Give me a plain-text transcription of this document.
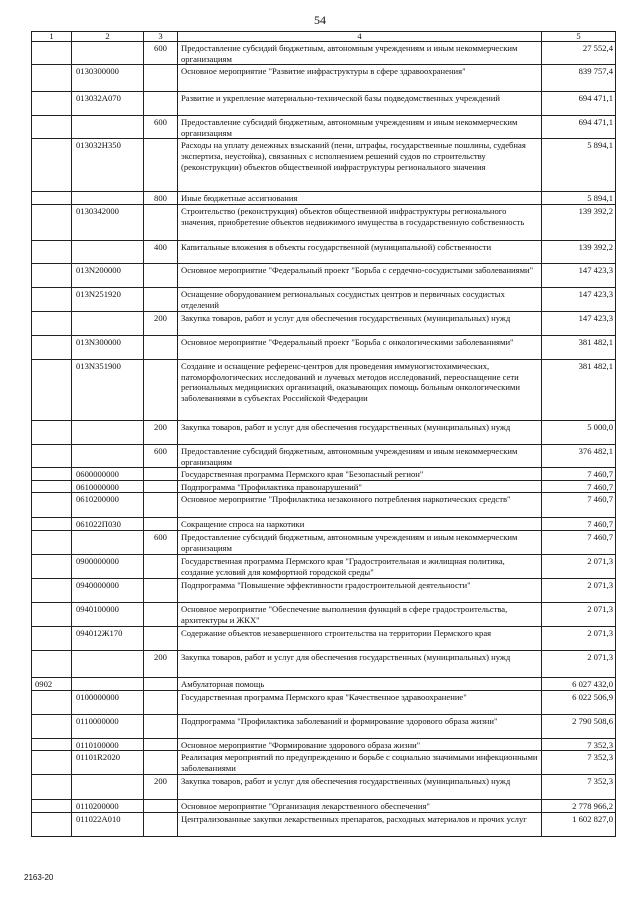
54
1	2	3	4	5
		600	Предоставление субсидий бюджетным, автономным учреждениям и иным некоммерческим организациям	27 552,4
	0130300000		Основное мероприятие "Развитие инфраструктуры в сфере здравоохранения"	839 757,4
	013032А070		Развитие и укрепление материально-технической базы подведомственных учреждений	694 471,1
		600	Предоставление субсидий бюджетным, автономным учреждениям и иным некоммерческим организациям	694 471,1
	013032Н350		Расходы на уплату денежных взысканий (пени, штрафы, государственные пошлины, судебная экспертиза, неустойка), связанных с исполнением решений судов по строительству (реконструкции) объектов общественной инфраструктуры регионального значения	5 894,1
		800	Иные бюджетные ассигнования	5 894,1
	0130342000		Строительство (реконструкция) объектов общественной инфраструктуры регионального значения, приобретение объектов недвижимого имущества в государственную собственность	139 392,2
		400	Капитальные вложения в объекты государственной (муниципальной) собственности	139 392,2
	013N200000		Основное мероприятие "Федеральный проект "Борьба с сердечно-сосудистыми заболеваниями"	147 423,3
	013N251920		Оснащение оборудованием региональных сосудистых центров и первичных сосудистых отделений	147 423,3
		200	Закупка товаров, работ и услуг для обеспечения государственных (муниципальных) нужд	147 423,3
	013N300000		Основное мероприятие "Федеральный проект "Борьба с онкологическими заболеваниями"	381 482,1
	013N351900		Создание и оснащение референс-центров для проведения иммуногистохимических, патоморфологических исследований и лучевых методов исследований, переоснащение сети региональных медицинских организаций, оказывающих помощь больным онкологическими заболеваниями в субъектах Российской Федерации	381 482,1
		200	Закупка товаров, работ и услуг для обеспечения государственных (муниципальных) нужд	5 000,0
		600	Предоставление субсидий бюджетным, автономным учреждениям и иным некоммерческим организациям	376 482,1
	0600000000		Государственная программа Пермского края "Безопасный регион"	7 460,7
	0610000000		Подпрограмма "Профилактика правонарушений"	7 460,7
	0610200000		Основное мероприятие "Профилактика незаконного потребления наркотических средств"	7 460,7
	061022П030		Сокращение спроса на наркотики	7 460,7
		600	Предоставление субсидий бюджетным, автономным учреждениям и иным некоммерческим организациям	7 460,7
	0900000000		Государственная программа Пермского края "Градостроительная и жилищная политика, создание условий для комфортной городской среды"	2 071,3
	0940000000		Подпрограмма "Повышение эффективности градостроительной деятельности"	2 071,3
	0940100000		Основное мероприятие "Обеспечение выполнения функций в сфере градостроительства, архитектуры и ЖКХ"	2 071,3
	094012Ж170		Содержание объектов незавершенного строительства на территории Пермского края	2 071,3
		200	Закупка товаров, работ и услуг для обеспечения государственных (муниципальных) нужд	2 071,3
0902			Амбулаторная помощь	6 027 432,0
	0100000000		Государственная программа Пермского края "Качественное здравоохранение"	6 022 506,9
	0110000000		Подпрограмма "Профилактика заболеваний и формирование здорового образа жизни"	2 790 508,6
	0110100000		Основное мероприятие "Формирование здорового образа жизни"	7 352,3
	01101R2020		Реализация мероприятий по предупреждению и борьбе с социально значимыми инфекционными заболеваниями	7 352,3
		200	Закупка товаров, работ и услуг для обеспечения государственных (муниципальных) нужд	7 352,3
	0110200000		Основное мероприятие "Организация лекарственного обеспечения"	2 778 966,2
	011022А010		Централизованные закупки лекарственных препаратов, расходных материалов и прочих услуг	1 602 827,0
2163-20
